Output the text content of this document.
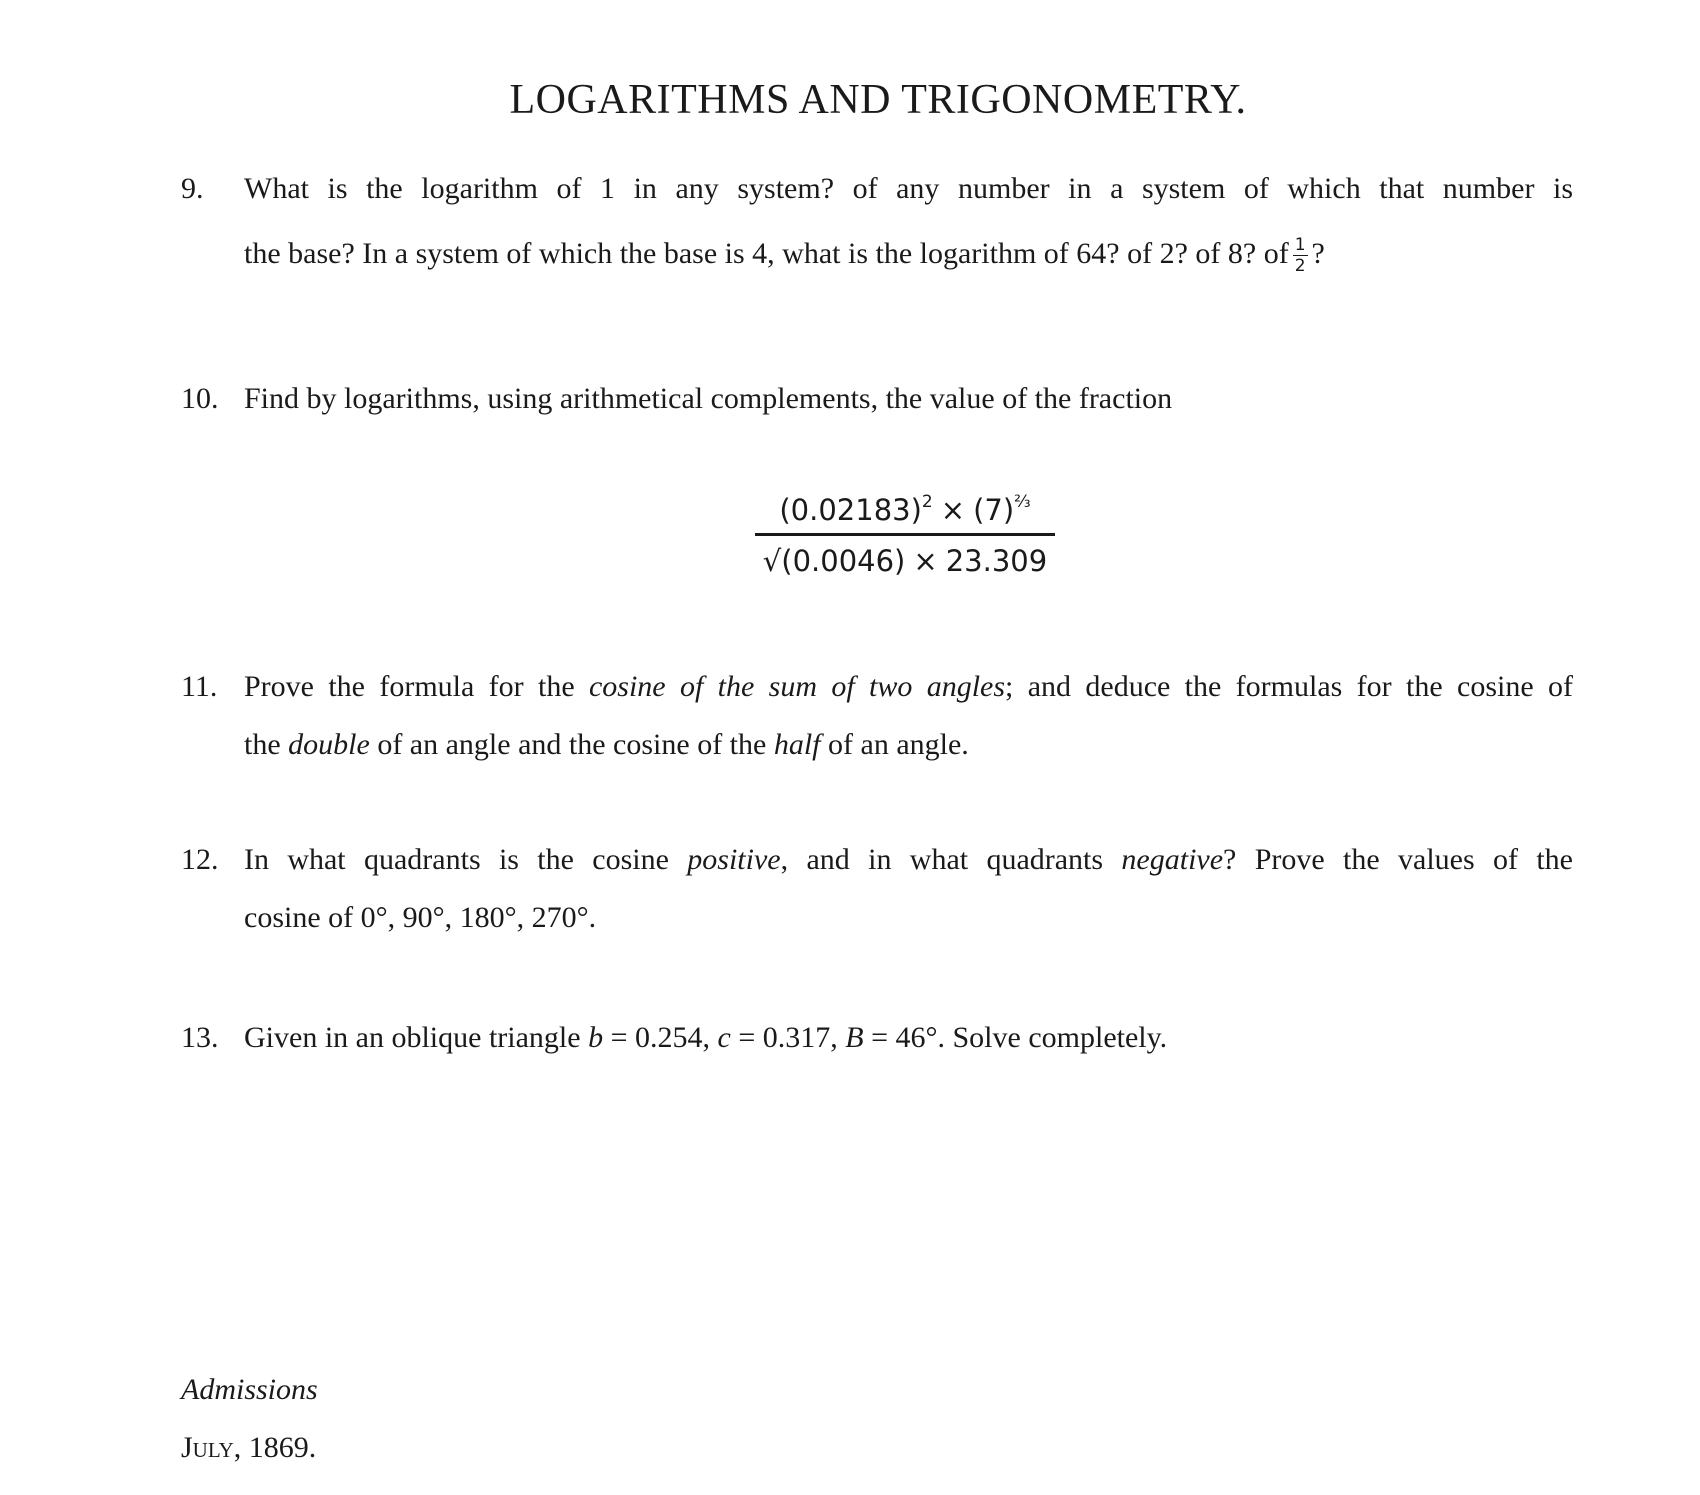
LOGARITHMS AND TRIGONOMETRY.
9. What is the logarithm of 1 in any system? of any number in a system of which that number is
the base? In a system of which the base is 4, what is the logarithm of 64? of 2? of 8? of $\frac{1}{2}$ ?
10. Find by logarithms, using arithmetical complements, the value of the fraction
$\frac{(0.02183)^2 \times (7)^{\frac{2}{3}}}{√(0.0046) \times 23.309}$
11. Prove the formula for the cosine of the sum of two angles; and deduce the formulas for the cosine of
the double of an angle and the cosine of the half of an angle.
12. In what quadrants is the cosine positive, and in what quadrants negative? Prove the values of the
cosine of 0°, 90°, 180°, 270°.
13. Given in an oblique triangle b = 0.254, c = 0.317, B = 46°. Solve completely.
Admissions
July, 1869.
